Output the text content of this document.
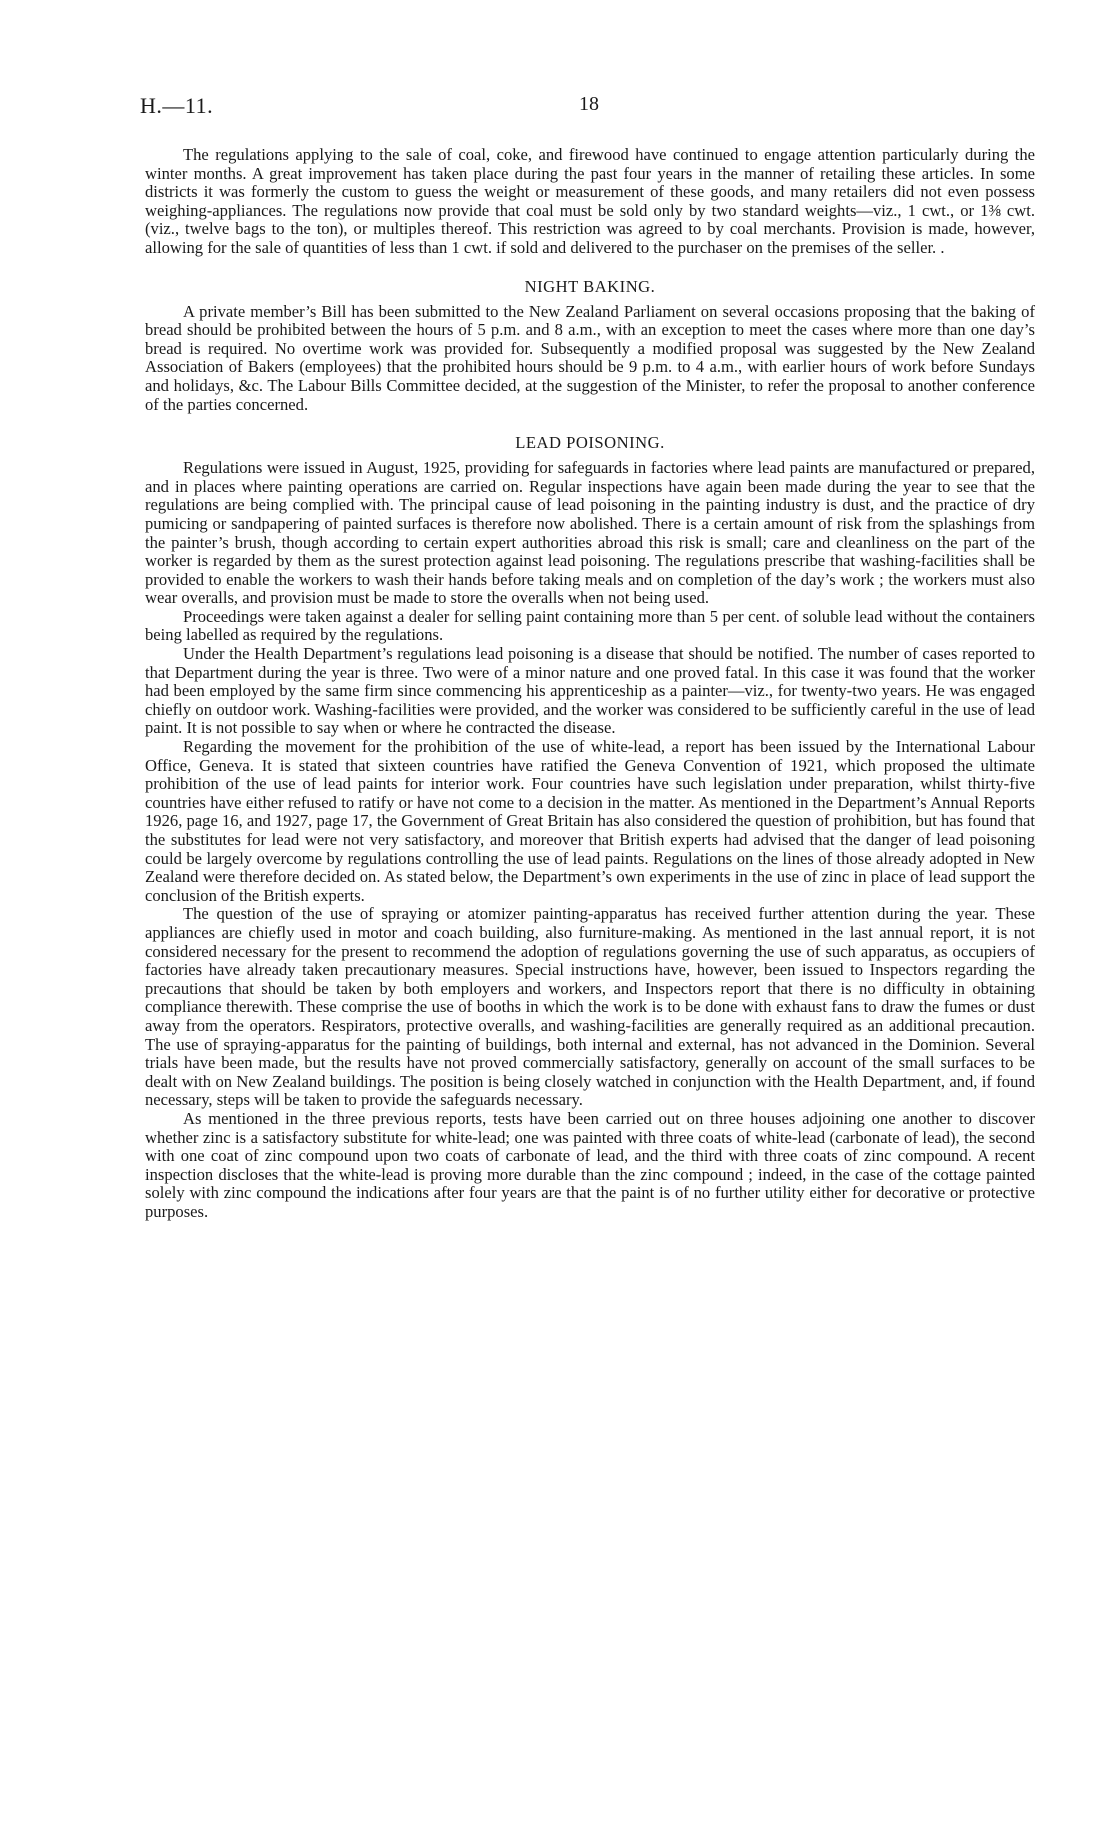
H.—11.	18

The regulations applying to the sale of coal, coke, and firewood have continued to engage attention particularly during the winter months. A great improvement has taken place during the past four years in the manner of retailing these articles. In some districts it was formerly the custom to guess the weight or measurement of these goods, and many retailers did not even possess weighing-appliances. The regulations now provide that coal must be sold only by two standard weights—viz., 1 cwt., or 1⅜ cwt. (viz., twelve bags to the ton), or multiples thereof. This restriction was agreed to by coal merchants. Provision is made, however, allowing for the sale of quantities of less than 1 cwt. if sold and delivered to the purchaser on the premises of the seller. .

NIGHT BAKING.

A private member’s Bill has been submitted to the New Zealand Parliament on several occasions proposing that the baking of bread should be prohibited between the hours of 5 p.m. and 8 a.m., with an exception to meet the cases where more than one day’s bread is required. No overtime work was provided for. Subsequently a modified proposal was suggested by the New Zealand Association of Bakers (employees) that the prohibited hours should be 9 p.m. to 4 a.m., with earlier hours of work before Sundays and holidays, &c. The Labour Bills Committee decided, at the suggestion of the Minister, to refer the proposal to another conference of the parties concerned.

LEAD POISONING.

Regulations were issued in August, 1925, providing for safeguards in factories where lead paints are manufactured or prepared, and in places where painting operations are carried on. Regular inspections have again been made during the year to see that the regulations are being complied with. The principal cause of lead poisoning in the painting industry is dust, and the practice of dry pumicing or sandpapering of painted surfaces is therefore now abolished. There is a certain amount of risk from the splashings from the painter’s brush, though according to certain expert authorities abroad this risk is small; care and cleanliness on the part of the worker is regarded by them as the surest protection against lead poisoning. The regulations prescribe that washing-facilities shall be provided to enable the workers to wash their hands before taking meals and on completion of the day’s work ; the workers must also wear overalls, and provision must be made to store the overalls when not being used.

Proceedings were taken against a dealer for selling paint containing more than 5 per cent. of soluble lead without the containers being labelled as required by the regulations.

Under the Health Department’s regulations lead poisoning is a disease that should be notified. The number of cases reported to that Department during the year is three. Two were of a minor nature and one proved fatal. In this case it was found that the worker had been employed by the same firm since commencing his apprenticeship as a painter—viz., for twenty-two years. He was engaged chiefly on outdoor work. Washing-facilities were provided, and the worker was considered to be sufficiently careful in the use of lead paint. It is not possible to say when or where he contracted the disease.

Regarding the movement for the prohibition of the use of white-lead, a report has been issued by the International Labour Office, Geneva. It is stated that sixteen countries have ratified the Geneva Convention of 1921, which proposed the ultimate prohibition of the use of lead paints for interior work. Four countries have such legislation under preparation, whilst thirty-five countries have either refused to ratify or have not come to a decision in the matter. As mentioned in the Department’s Annual Reports 1926, page 16, and 1927, page 17, the Government of Great Britain has also considered the question of prohibition, but has found that the substitutes for lead were not very satisfactory, and moreover that British experts had advised that the danger of lead poisoning could be largely overcome by regulations controlling the use of lead paints. Regulations on the lines of those already adopted in New Zealand were therefore decided on. As stated below, the Department’s own experiments in the use of zinc in place of lead support the conclusion of the British experts.

The question of the use of spraying or atomizer painting-apparatus has received further attention during the year. These appliances are chiefly used in motor and coach building, also furniture-making. As mentioned in the last annual report, it is not considered necessary for the present to recommend the adoption of regulations governing the use of such apparatus, as occupiers of factories have already taken precautionary measures. Special instructions have, however, been issued to Inspectors regarding the precautions that should be taken by both employers and workers, and Inspectors report that there is no difficulty in obtaining compliance therewith. These comprise the use of booths in which the work is to be done with exhaust fans to draw the fumes or dust away from the operators. Respirators, protective overalls, and washing-facilities are generally required as an additional precaution. The use of spraying-apparatus for the painting of buildings, both internal and external, has not advanced in the Dominion. Several trials have been made, but the results have not proved commercially satisfactory, generally on account of the small surfaces to be dealt with on New Zealand buildings. The position is being closely watched in conjunction with the Health Department, and, if found necessary, steps will be taken to provide the safeguards necessary.

As mentioned in the three previous reports, tests have been carried out on three houses adjoining one another to discover whether zinc is a satisfactory substitute for white-lead; one was painted with three coats of white-lead (carbonate of lead), the second with one coat of zinc compound upon two coats of carbonate of lead, and the third with three coats of zinc compound. A recent inspection discloses that the white-lead is proving more durable than the zinc compound ; indeed, in the case of the cottage painted solely with zinc compound the indications after four years are that the paint is of no further utility either for decorative or protective purposes.
